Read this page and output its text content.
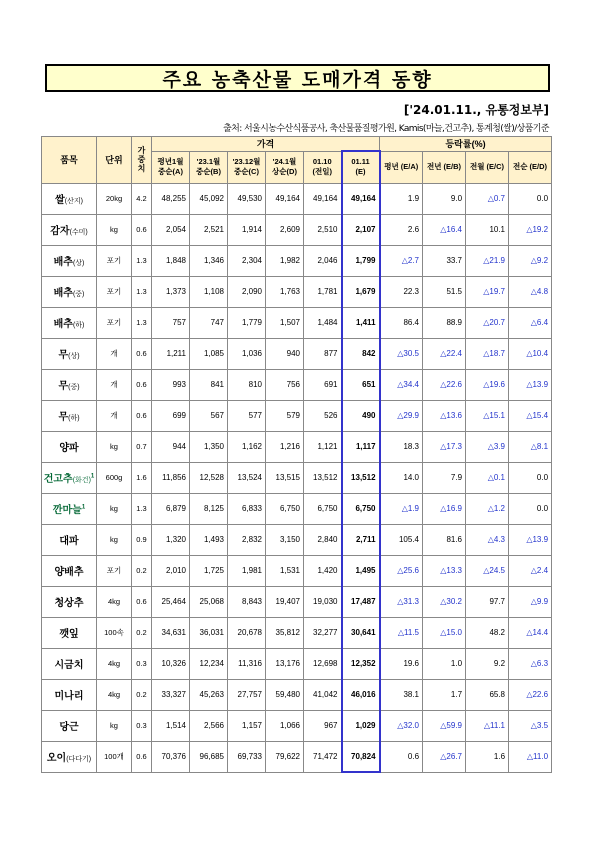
주요 농축산물 도매가격 동향
['24.01.11., 유통정보부]
출처: 서울시농수산식품공사, 축산물품질평가원, Kamis(마늘,건고추), 통계청(쌀)/상품기준
품목	단위	가중치	가격						등락률(%)			
			평년1월 중순(A)	'23.1월 중순(B)	'23.12월 중순(C)	'24.1월 상순(D)	01.10 (전일)	01.11 (E)	평년 (E/A)	전년 (E/B)	전월 (E/C)	전순 (E/D)
쌀(산지)	20kg	4.2	48,255	45,092	49,530	49,164	49,164	49,164	1.9	9.0	△0.7	0.0
감자(수미)	kg	0.6	2,054	2,521	1,914	2,609	2,510	2,107	2.6	△16.4	10.1	△19.2
배추(상)	포기	1.3	1,848	1,346	2,304	1,982	2,046	1,799	△2.7	33.7	△21.9	△9.2
배추(중)	포기	1.3	1,373	1,108	2,090	1,763	1,781	1,679	22.3	51.5	△19.7	△4.8
배추(하)	포기	1.3	757	747	1,779	1,507	1,484	1,411	86.4	88.9	△20.7	△6.4
무(상)	개	0.6	1,211	1,085	1,036	940	877	842	△30.5	△22.4	△18.7	△10.4
무(중)	개	0.6	993	841	810	756	691	651	△34.4	△22.6	△19.6	△13.9
무(하)	개	0.6	699	567	577	579	526	490	△29.9	△13.6	△15.1	△15.4
양파	kg	0.7	944	1,350	1,162	1,216	1,121	1,117	18.3	△17.3	△3.9	△8.1
건고추(화건)$^1$	600g	1.6	11,856	12,528	13,524	13,515	13,512	13,512	14.0	7.9	△0.1	0.0
깐마늘$^1$	kg	1.3	6,879	8,125	6,833	6,750	6,750	6,750	△1.9	△16.9	△1.2	0.0
대파	kg	0.9	1,320	1,493	2,832	3,150	2,840	2,711	105.4	81.6	△4.3	△13.9
양배추	포기	0.2	2,010	1,725	1,981	1,531	1,420	1,495	△25.6	△13.3	△24.5	△2.4
청상추	4kg	0.6	25,464	25,068	8,843	19,407	19,030	17,487	△31.3	△30.2	97.7	△9.9
깻잎	100속	0.2	34,631	36,031	20,678	35,812	32,277	30,641	△11.5	△15.0	48.2	△14.4
시금치	4kg	0.3	10,326	12,234	11,316	13,176	12,698	12,352	19.6	1.0	9.2	△6.3
미나리	4kg	0.2	33,327	45,263	27,757	59,480	41,042	46,016	38.1	1.7	65.8	△22.6
당근	kg	0.3	1,514	2,566	1,157	1,066	967	1,029	△32.0	△59.9	△11.1	△3.5
오이(다다기)	100개	0.6	70,376	96,685	69,733	79,622	71,472	70,824	0.6	△26.7	1.6	△11.0
